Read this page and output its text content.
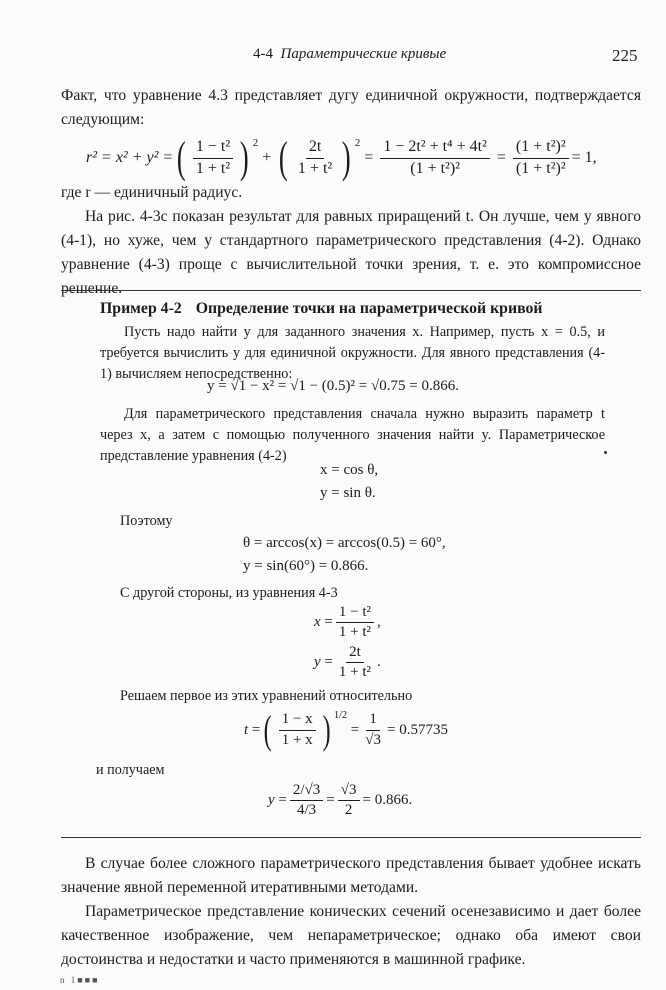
4-4 Параметрические кривые	225
Факт, что уравнение 4.3 представляет дугу единичной окружности, подтверждается следующим:
r² = x² + y² = ( $\frac{\text{1 − t²}}{\text{1 + t²}}$ ) 2
+ ( $\frac{2t}{\text{1 + t²}}$ ) 2
= $\frac{\text{1 − 2t² + t⁴ + 4t²}}{\text{(1 + t²)²}} = \frac{\text{(1 + t²)²}}{\text{(1 + t²)²}} = 1$,
где r — единичный радиус.
На рис. 4-3c показан результат для равных приращений t. Он лучше, чем у явного (4-1), но хуже, чем у стандартного параметрического представления (4-2). Однако уравнение (4-3) проще с вычислительной точки зрения, т. е. это компромиссное решение.
Пример 4-2 Определение точки на параметрической кривой
Пусть надо найти y для заданного значения x. Например, пусть x = 0.5, и требуется вычислить y для единичной окружности. Для явного представления (4-1) вычисляем непосредственно:
y = √1 − x² = √1 − (0.5)² = √0.75 = 0.866.
Для параметрического представления сначала нужно выразить параметр t через x, а затем с помощью полученного значения найти y. Параметрическое представление уравнения (4-2)
x = cos θ,
y = sin θ.
Поэтому
θ = arccos(x) = arccos(0.5) = 60°,
y = sin(60°) = 0.866.
С другой стороны, из уравнения 4-3
$x = \frac{\text{1 − t²}}{\text{1 + t²}}$ ,
$y = \frac{2t}{\text{1 + t²}}$ .
Решаем первое из этих уравнений относительно
t = ( $\frac{1 - x}{1 + x}$ ) 1/2
= $\frac{1}{√3} = 0.57735$
и получаем
$y = \frac{2/√3}{4/3} = \frac{√3}{2} = 0.866$.
В случае более сложного параметрического представления бывает удобнее искать значение явной переменной итеративными методами.
Параметрическое представление конических сечений осенезависимо и дает более качественное изображение, чем непараметрическое; однако оба имеют свои достоинства и недостатки и часто применяются в машинной графике.
n 1■■■
